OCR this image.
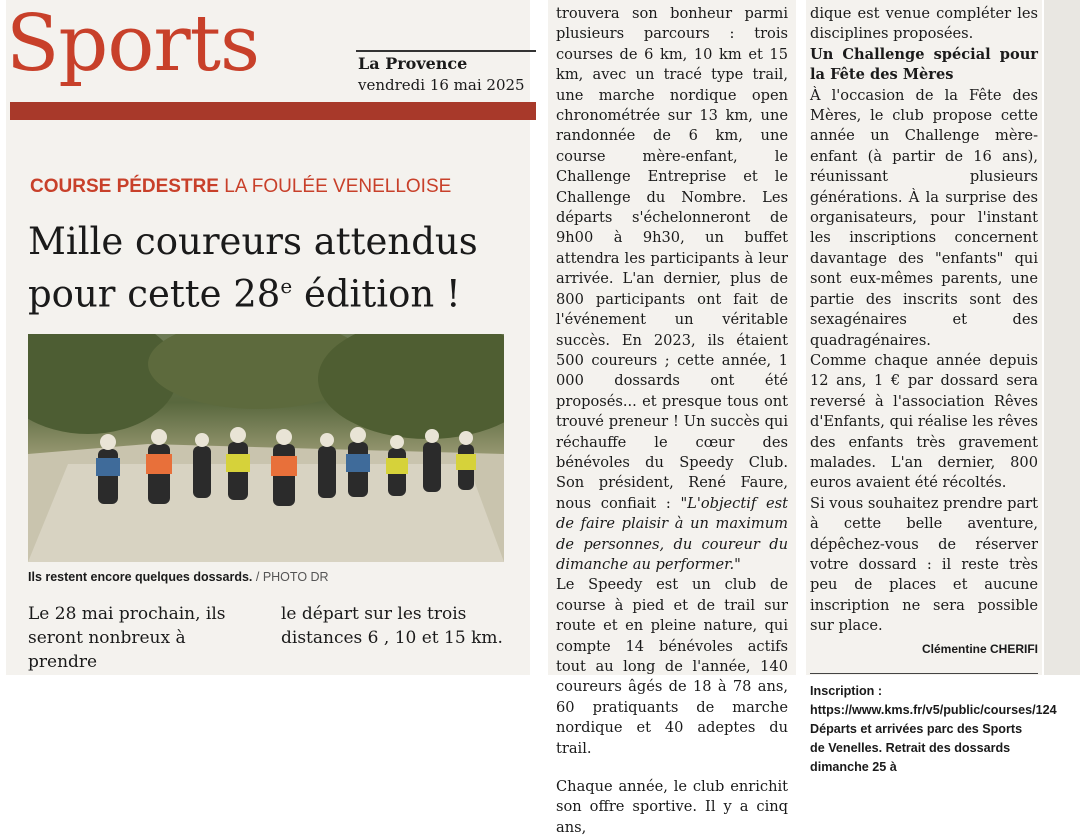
Sports	La Provence
vendredi 16 mai 2025
COURSE PÉDESTRE LA FOULÉE VENELLOISE
Mille coureurs attendus
pour cette 28e édition !
Ils restent encore quelques dossards. / PHOTO DR
Le 28 mai prochain, ils seront nonbreux à prendre
le départ sur les trois distances 6 , 10 et 15 km.

trouvera son bonheur parmi plusieurs parcours : trois courses de 6 km, 10 km et 15 km, avec un tracé type trail, une marche nordique open chronométrée sur 13 km, une randonnée de 6 km, une course mère-enfant, le Challenge Entreprise et le Challenge du Nombre. Les départs s'échelonneront de 9h00 à 9h30, un buffet attendra les participants à leur arrivée. L'an dernier, plus de 800 participants ont fait de l'événement un véritable succès. En 2023, ils étaient 500 coureurs ; cette année, 1 000 dossards ont été proposés... et presque tous ont trouvé preneur ! Un succès qui réchauffe le cœur des bénévoles du Speedy Club. Son président, René Faure, nous confiait : "L'objectif est de faire plaisir à un maximum de personnes, du coureur du dimanche au performer."

Le Speedy est un club de course à pied et de trail sur route et en pleine nature, qui compte 14 bénévoles actifs tout au long de l'année, 140 coureurs âgés de 18 à 78 ans, 60 pratiquants de marche nordique et 40 adeptes du trail.

Chaque année, le club enrichit son offre sportive. Il y a cinq ans,

dique est venue compléter les disciplines proposées.

Un Challenge spécial pour la Fête des Mères

À l'occasion de la Fête des Mères, le club propose cette année un Challenge mère-enfant (à partir de 16 ans), réunissant plusieurs générations. À la surprise des organisateurs, pour l'instant les inscriptions concernent davantage des "enfants" qui sont eux-mêmes parents, une partie des inscrits sont des sexagénaires et des quadragénaires.

Comme chaque année depuis 12 ans, 1 € par dossard sera reversé à l'association Rêves d'Enfants, qui réalise les rêves des enfants très gravement malades. L'an dernier, 800 euros avaient été récoltés.

Si vous souhaitez prendre part à cette belle aventure, dépêchez-vous de réserver votre dossard : il reste très peu de places et aucune inscription ne sera possible sur place.

Clémentine CHERIFI

Inscription : https://www.kms.fr/v5/public/courses/124 Départs et arrivées parc des Sports de Venelles. Retrait des dossards dimanche 25 à
